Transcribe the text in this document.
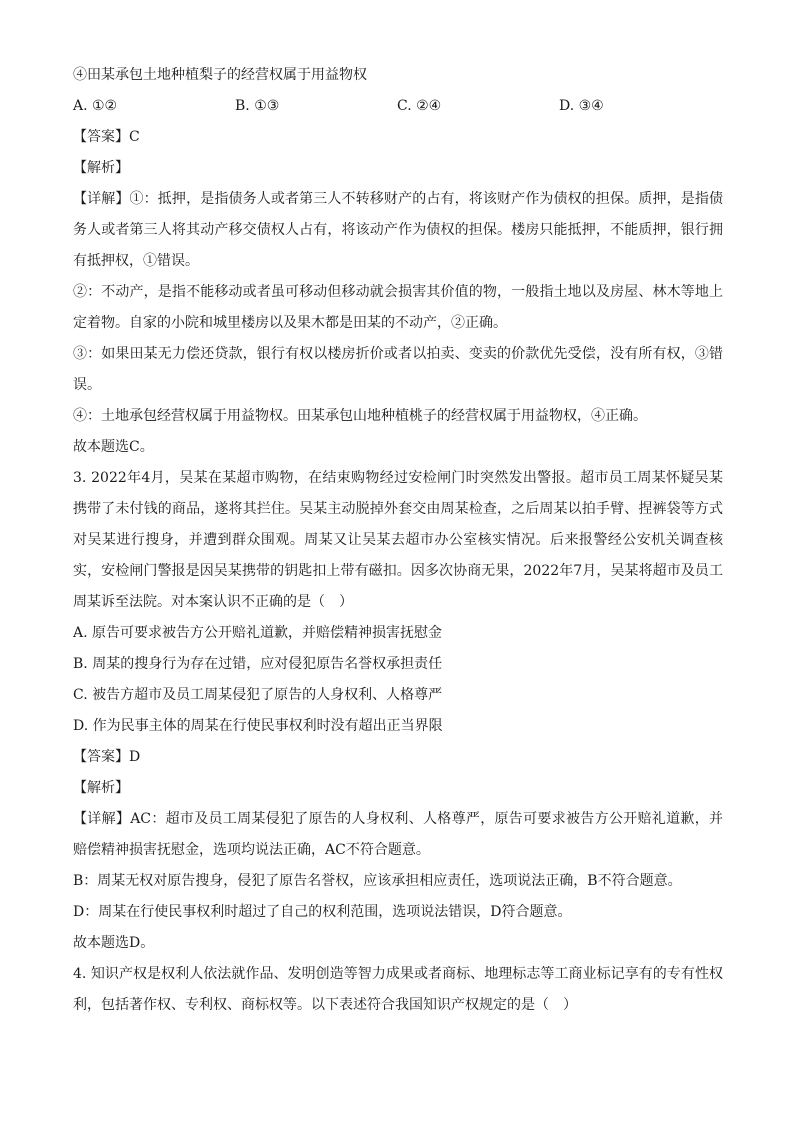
④田某承包土地种植梨子的经营权属于用益物权
A. ①②	B. ①③	C. ②④	D. ③④
【答案】C
【解析】
【详解】①：抵押，是指债务人或者第三人不转移财产的占有，将该财产作为债权的担保。质押，是指债务人或者第三人将其动产移交债权人占有，将该动产作为债权的担保。楼房只能抵押，不能质押，银行拥有抵押权，①错误。
②：不动产，是指不能移动或者虽可移动但移动就会损害其价值的物，一般指土地以及房屋、林木等地上定着物。自家的小院和城里楼房以及果木都是田某的不动产，②正确。
③：如果田某无力偿还贷款，银行有权以楼房折价或者以拍卖、变卖的价款优先受偿，没有所有权，③错误。
④：土地承包经营权属于用益物权。田某承包山地种植桃子的经营权属于用益物权，④正确。
故本题选C。
3. 2022年4月，吴某在某超市购物，在结束购物经过安检闸门时突然发出警报。超市员工周某怀疑吴某携带了未付钱的商品，遂将其拦住。吴某主动脱掉外套交由周某检查，之后周某以拍手臂、捏裤袋等方式对吴某进行搜身，并遭到群众围观。周某又让吴某去超市办公室核实情况。后来报警经公安机关调查核实，安检闸门警报是因吴某携带的钥匙扣上带有磁扣。因多次协商无果，2022年7月，吴某将超市及员工周某诉至法院。对本案认识不正确的是（　）
A. 原告可要求被告方公开赔礼道歉，并赔偿精神损害抚慰金
B. 周某的搜身行为存在过错，应对侵犯原告名誉权承担责任
C. 被告方超市及员工周某侵犯了原告的人身权利、人格尊严
D. 作为民事主体的周某在行使民事权利时没有超出正当界限
【答案】D
【解析】
【详解】AC：超市及员工周某侵犯了原告的人身权利、人格尊严，原告可要求被告方公开赔礼道歉，并赔偿精神损害抚慰金，选项均说法正确，AC不符合题意。
B：周某无权对原告搜身，侵犯了原告名誉权，应该承担相应责任，选项说法正确，B不符合题意。
D：周某在行使民事权利时超过了自己的权利范围，选项说法错误，D符合题意。
故本题选D。
4. 知识产权是权利人依法就作品、发明创造等智力成果或者商标、地理标志等工商业标记享有的专有性权利，包括著作权、专利权、商标权等。以下表述符合我国知识产权规定的是（　）
